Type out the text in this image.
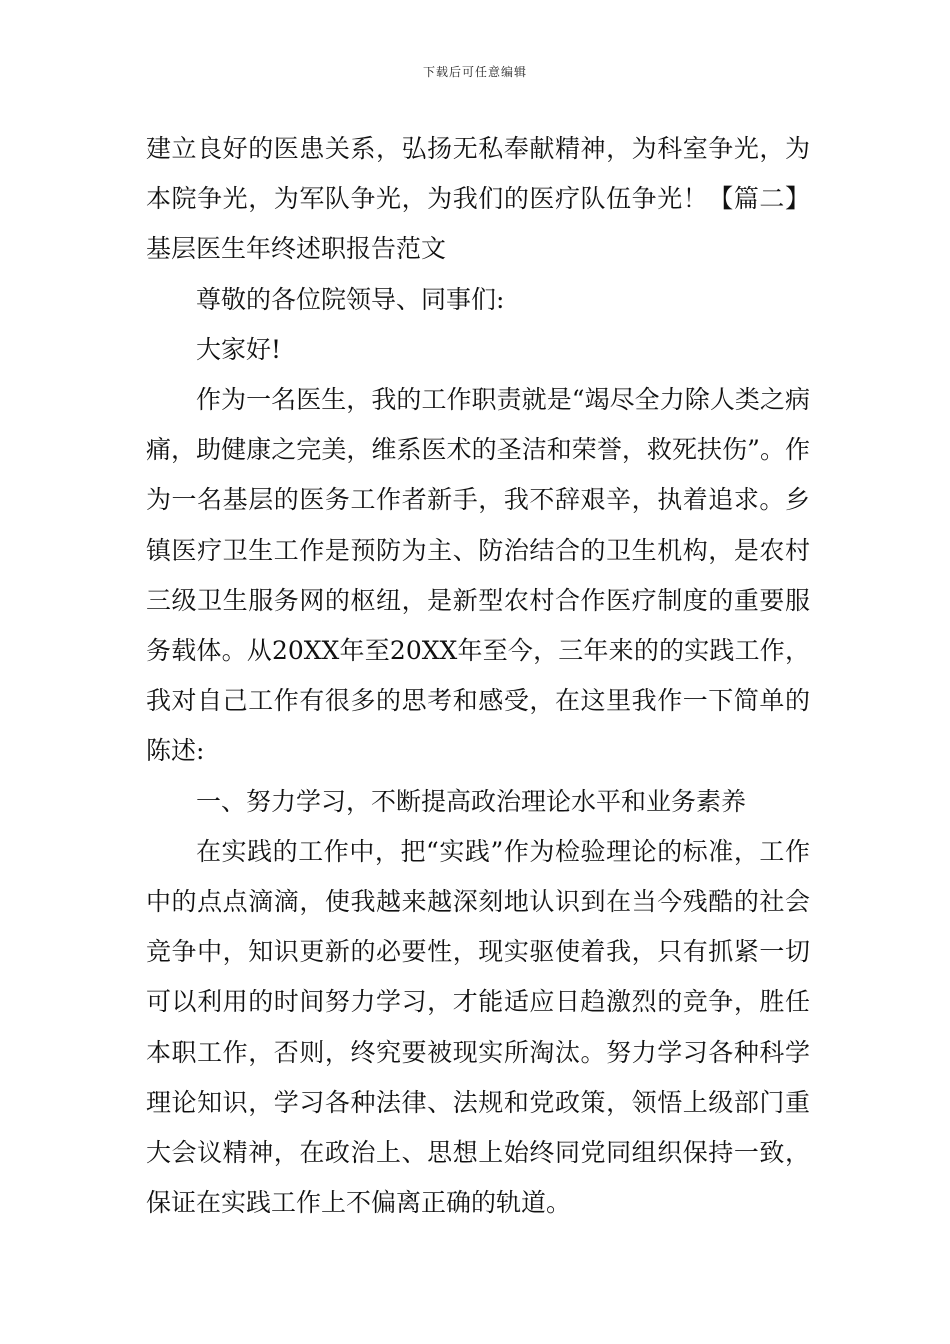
下载后可任意编辑

建立良好的医患关系，弘扬无私奉献精神，为科室争光，为本院争光，为军队争光，为我们的医疗队伍争光！【篇二】基层医生年终述职报告范文

尊敬的各位院领导、同事们:

大家好!

作为一名医生，我的工作职责就是“竭尽全力除人类之病痛，助健康之完美，维系医术的圣洁和荣誉，救死扶伤”。作为一名基层的医务工作者新手，我不辞艰辛，执着追求。乡镇医疗卫生工作是预防为主、防治结合的卫生机构，是农村三级卫生服务网的枢纽，是新型农村合作医疗制度的重要服务载体。从20XX年至20XX年至今，三年来的的实践工作，我对自己工作有很多的思考和感受，在这里我作一下简单的陈述:

一、努力学习，不断提高政治理论水平和业务素养

在实践的工作中，把“实践”作为检验理论的标准，工作中的点点滴滴，使我越来越深刻地认识到在当今残酷的社会竞争中，知识更新的必要性，现实驱使着我，只有抓紧一切可以利用的时间努力学习，才能适应日趋激烈的竞争，胜任本职工作，否则，终究要被现实所淘汰。努力学习各种科学理论知识，学习各种法律、法规和党政策，领悟上级部门重大会议精神，在政治上、思想上始终同党同组织保持一致，保证在实践工作上不偏离正确的轨道。
